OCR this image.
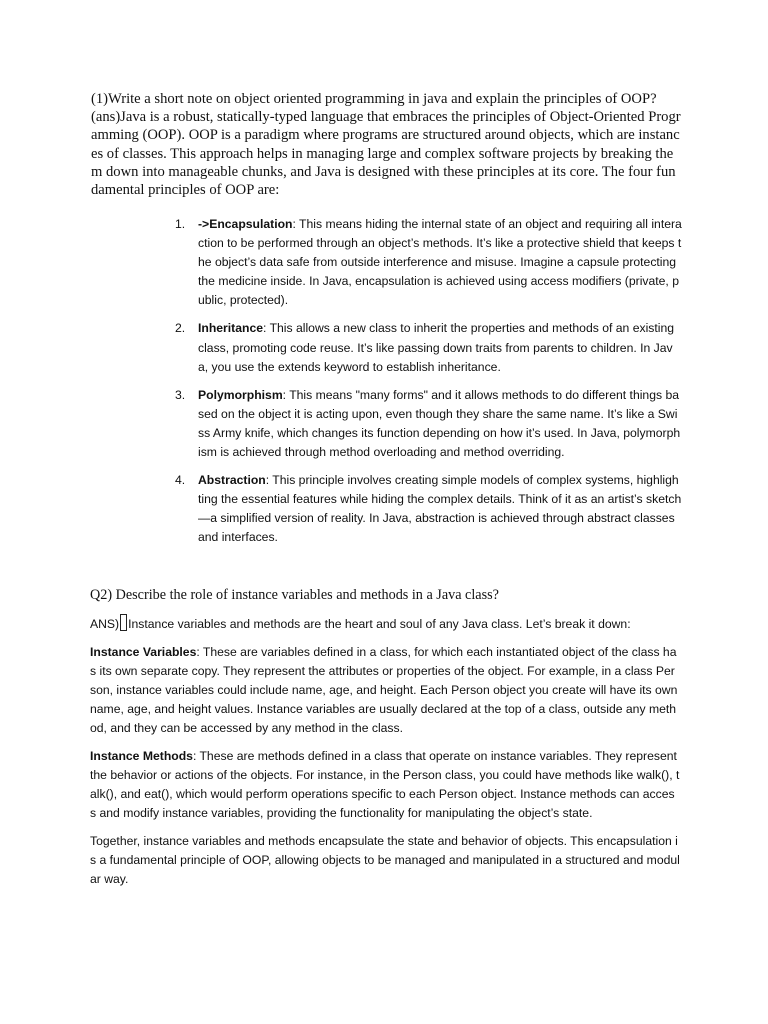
(1)Write a short note on object oriented programming in java and explain the principles of OOP?

(ans)Java is a robust, statically-typed language that embraces the principles of Object-Oriented Programming (OOP). OOP is a paradigm where programs are structured around objects, which are instances of classes. This approach helps in managing large and complex software projects by breaking them down into manageable chunks, and Java is designed with these principles at its core. The four fundamental principles of OOP are:

1. ->Encapsulation: This means hiding the internal state of an object and requiring all interaction to be performed through an object’s methods. It’s like a protective shield that keeps the object’s data safe from outside interference and misuse. Imagine a capsule protecting the medicine inside. In Java, encapsulation is achieved using access modifiers (private, public, protected).
2. Inheritance: This allows a new class to inherit the properties and methods of an existing class, promoting code reuse. It’s like passing down traits from parents to children. In Java, you use the extends keyword to establish inheritance.
3. Polymorphism: This means "many forms" and it allows methods to do different things based on the object it is acting upon, even though they share the same name. It’s like a Swiss Army knife, which changes its function depending on how it’s used. In Java, polymorphism is achieved through method overloading and method overriding.
4. Abstraction: This principle involves creating simple models of complex systems, highlighting the essential features while hiding the complex details. Think of it as an artist’s sketch—a simplified version of reality. In Java, abstraction is achieved through abstract classes and interfaces.

Q2) Describe the role of instance variables and methods in a Java class?

ANS) Instance variables and methods are the heart and soul of any Java class. Let’s break it down:

Instance Variables: These are variables defined in a class, for which each instantiated object of the class has its own separate copy. They represent the attributes or properties of the object. For example, in a class Person, instance variables could include name, age, and height. Each Person object you create will have its own name, age, and height values. Instance variables are usually declared at the top of a class, outside any method, and they can be accessed by any method in the class.

Instance Methods: These are methods defined in a class that operate on instance variables. They represent the behavior or actions of the objects. For instance, in the Person class, you could have methods like walk(), talk(), and eat(), which would perform operations specific to each Person object. Instance methods can access and modify instance variables, providing the functionality for manipulating the object’s state.

Together, instance variables and methods encapsulate the state and behavior of objects. This encapsulation is a fundamental principle of OOP, allowing objects to be managed and manipulated in a structured and modular way.
